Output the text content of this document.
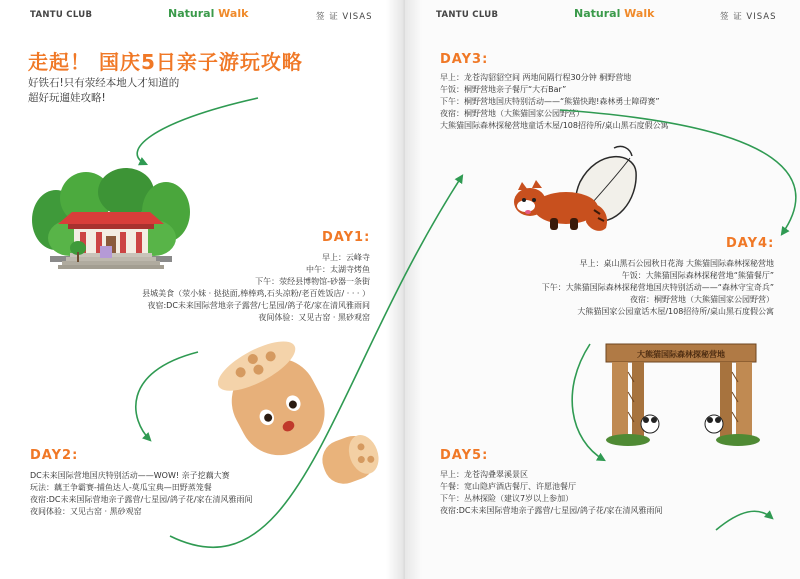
TANTU CLUB	Natural Walk	签 证 VISAS
走起！ 国庆5日亲子游玩攻略
好铁石!只有荥经本地人才知道的
超好玩遛娃攻略!
DAY1:
早上：云峰寺
中午：太湖寺烤鱼
下午：荥经县博物馆-砂器一条街
县城美食（荥小妹 · 挞挞面,棒棒鸡,石头凉粉/老百姓饭店/ · · · ）
夜宿:DC未来国际营地亲子露营/七星园/鸽子花/家在清风雅雨间
夜间体验：又见古窑 · 黑砂观窑
DAY2:
DC未来国际营地国庆特别活动——WOW! 亲子挖藕大赛
玩法：藕王争霸赛-捕鱼达人-莫瓜宝典—田野蒸笼餐
夜宿:DC未来国际营地亲子露营/七星园/鸽子花/家在清风雅雨间
夜间体验：又见古窑 · 黑砂观窑
TANTU CLUB	Natural Walk	签 证 VISAS
DAY3:
早上：龙苍沟貂貂空间 两地间隔行程30分钟 桐野营地
午饭：桐野营地亲子餐厅“大石Bar”
下午：桐野营地国庆特别活动——“熊猫快跑!森林勇士障碍赛”
夜宿：桐野营地（大熊猫国家公园野营）
大熊猫国际森林探秘营地童话木屋/108招待所/桌山黑石度假公寓
DAY4:
早上：桌山黑石公园秋日花海 大熊猫国际森林探秘营地
午饭：大熊猫国际森林探秘营地“熊猫餐厅”
下午：大熊猫国际森林探秘营地国庆特别活动——“森林守宝奇兵”
夜宿：桐野营地（大熊猫国家公园野营）
大熊猫国家公园童话木屋/108招待所/桌山黑石度假公寓
大熊猫国际森林探秘营地
DAY5:
早上：龙苍沟叠翠溪景区
午餐：宽山隐庐酒店餐厅、许愿池餐厅
下午：丛林探险（建议7岁以上参加）
夜宿:DC未来国际营地亲子露营/七星园/鸽子花/家在清风雅雨间
